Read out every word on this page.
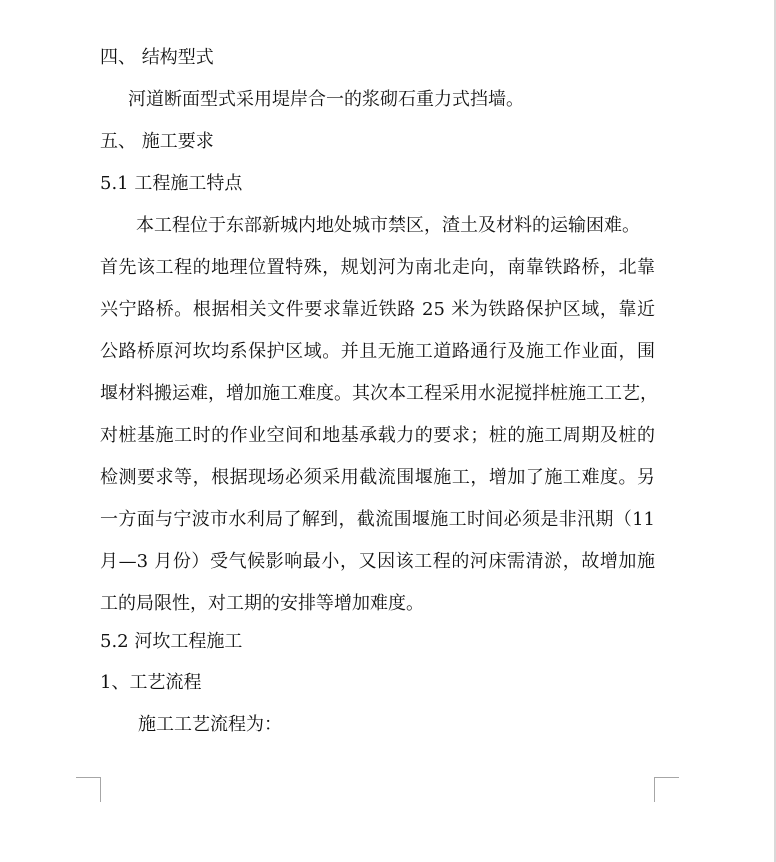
四、 结构型式
河道断面型式采用堤岸合一的浆砌石重力式挡墙。
五、 施工要求
5.1 工程施工特点
本工程位于东部新城内地处城市禁区，渣土及材料的运输困难。
首先该工程的地理位置特殊，规划河为南北走向，南靠铁路桥，北靠
兴宁路桥。根据相关文件要求靠近铁路 25 米为铁路保护区域，靠近
公路桥原河坎均系保护区域。并且无施工道路通行及施工作业面，围
堰材料搬运难，增加施工难度。其次本工程采用水泥搅拌桩施工工艺，
对桩基施工时的作业空间和地基承载力的要求；桩的施工周期及桩的
检测要求等，根据现场必须采用截流围堰施工，增加了施工难度。另
一方面与宁波市水利局了解到，截流围堰施工时间必须是非汛期（11
月—3 月份）受气候影响最小，又因该工程的河床需清淤，故增加施
工的局限性，对工期的安排等增加难度。
5.2 河坎工程施工
1、工艺流程
施工工艺流程为：
